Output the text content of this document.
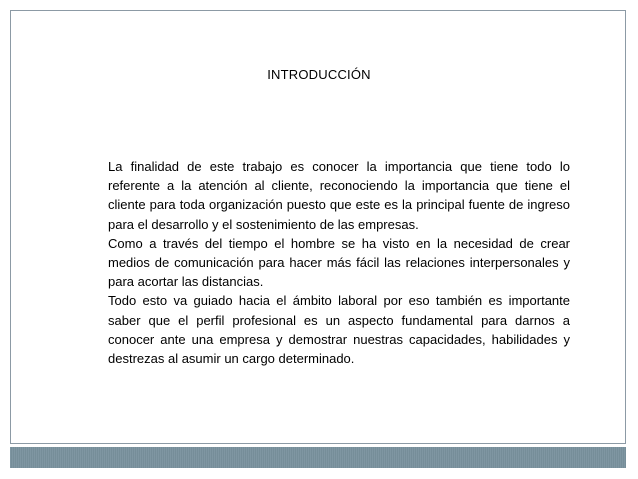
INTRODUCCIÓN

La finalidad de este trabajo es conocer la importancia que tiene todo lo referente a la atención al cliente, reconociendo la importancia que tiene el cliente para toda organización puesto que este es la principal fuente de ingreso para el desarrollo y el sostenimiento de las empresas.

Como a través del tiempo el hombre se ha visto en la necesidad de crear medios de comunicación para hacer más fácil las relaciones interpersonales y para acortar las distancias.

Todo esto va guiado hacia el ámbito laboral por eso también es importante saber que el perfil profesional es un aspecto fundamental para darnos a conocer ante una empresa y demostrar nuestras capacidades, habilidades y destrezas al asumir un cargo determinado.
